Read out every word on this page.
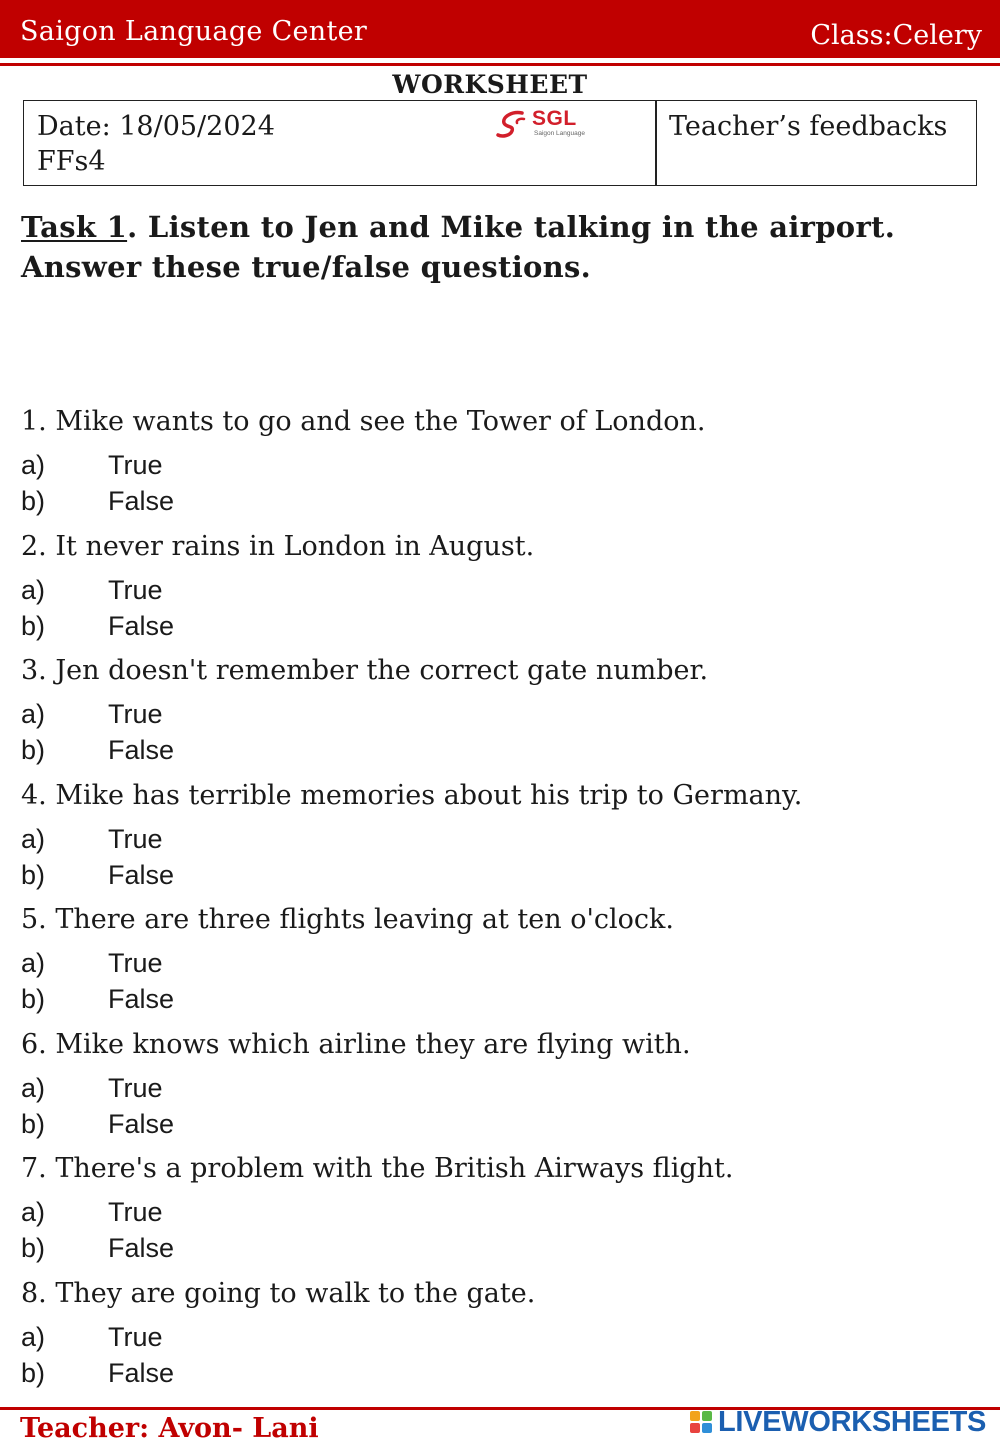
Saigon Language Center	Class:Celery
WORKSHEET
Date: 18/05/2024
FFs4
SGL
Saigon Language	Teacher’s feedbacks
Task 1. Listen to Jen and Mike talking in the airport. Answer these true/false questions.
1. Mike wants to go and see the Tower of London.
a) True
b) False
2. It never rains in London in August.
a) True
b) False
3. Jen doesn't remember the correct gate number.
a) True
b) False
4. Mike has terrible memories about his trip to Germany.
a) True
b) False
5. There are three flights leaving at ten o'clock.
a) True
b) False
6. Mike knows which airline they are flying with.
a) True
b) False
7. There's a problem with the British Airways flight.
a) True
b) False
8. They are going to walk to the gate.
a) True
b) False
Teacher: Avon- Lani	LIVEWORKSHEETS
